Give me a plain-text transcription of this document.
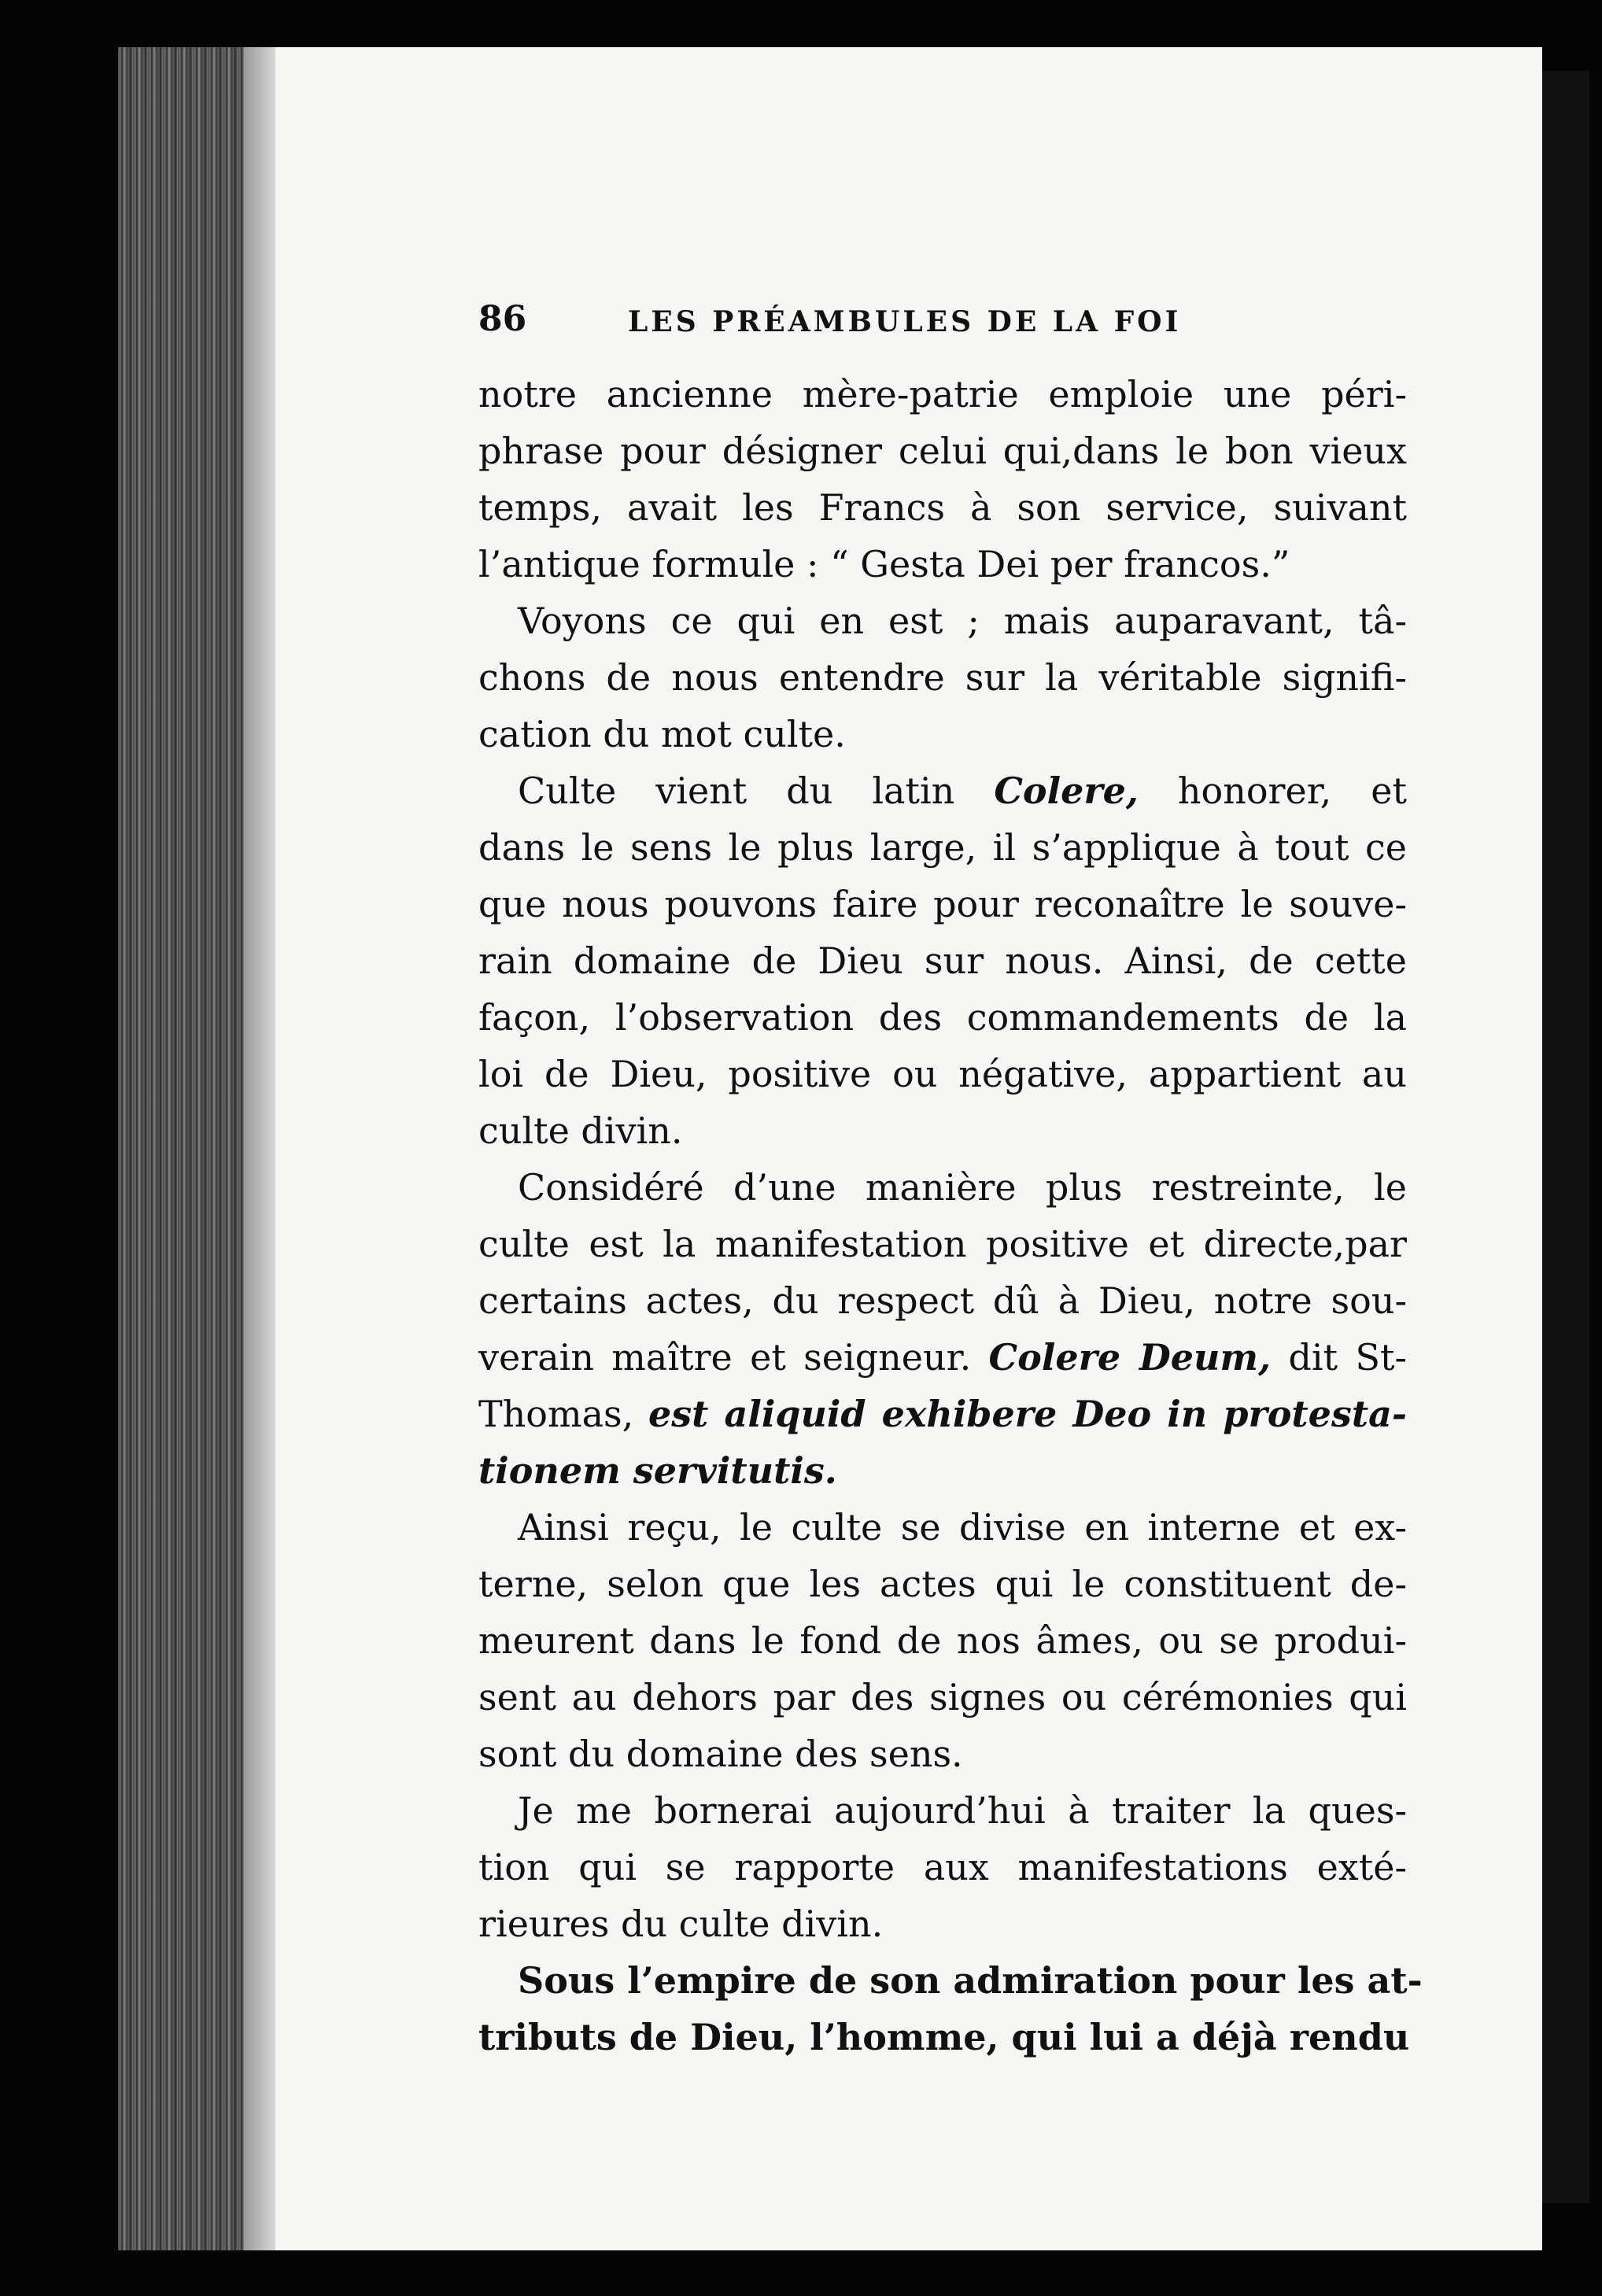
86	LES PRÉAMBULES DE LA FOI
notre ancienne mère-patrie emploie une péri-
phrase pour désigner celui qui,dans le bon vieux
temps, avait les Francs à son service, suivant
l’antique formule : “ Gesta Dei per francos.”
Voyons ce qui en est ; mais auparavant, tâ-
chons de nous entendre sur la véritable signifi-
cation du mot culte.
Culte vient du latin Colere, honorer, et
dans le sens le plus large, il s’applique à tout ce
que nous pouvons faire pour reconaître le souve-
rain domaine de Dieu sur nous. Ainsi, de cette
façon, l’observation des commandements de la
loi de Dieu, positive ou négative, appartient au
culte divin.
Considéré d’une manière plus restreinte, le
culte est la manifestation positive et directe,par
certains actes, du respect dû à Dieu, notre sou-
verain maître et seigneur. Colere Deum, dit St-
Thomas, est aliquid exhibere Deo in protesta-
tionem servitutis.
Ainsi reçu, le culte se divise en interne et ex-
terne, selon que les actes qui le constituent de-
meurent dans le fond de nos âmes, ou se produi-
sent au dehors par des signes ou cérémonies qui
sont du domaine des sens.
Je me bornerai aujourd’hui à traiter la ques-
tion qui se rapporte aux manifestations exté-
rieures du culte divin.
Sous l’empire de son admiration pour les at-
tributs de Dieu, l’homme, qui lui a déjà rendu
